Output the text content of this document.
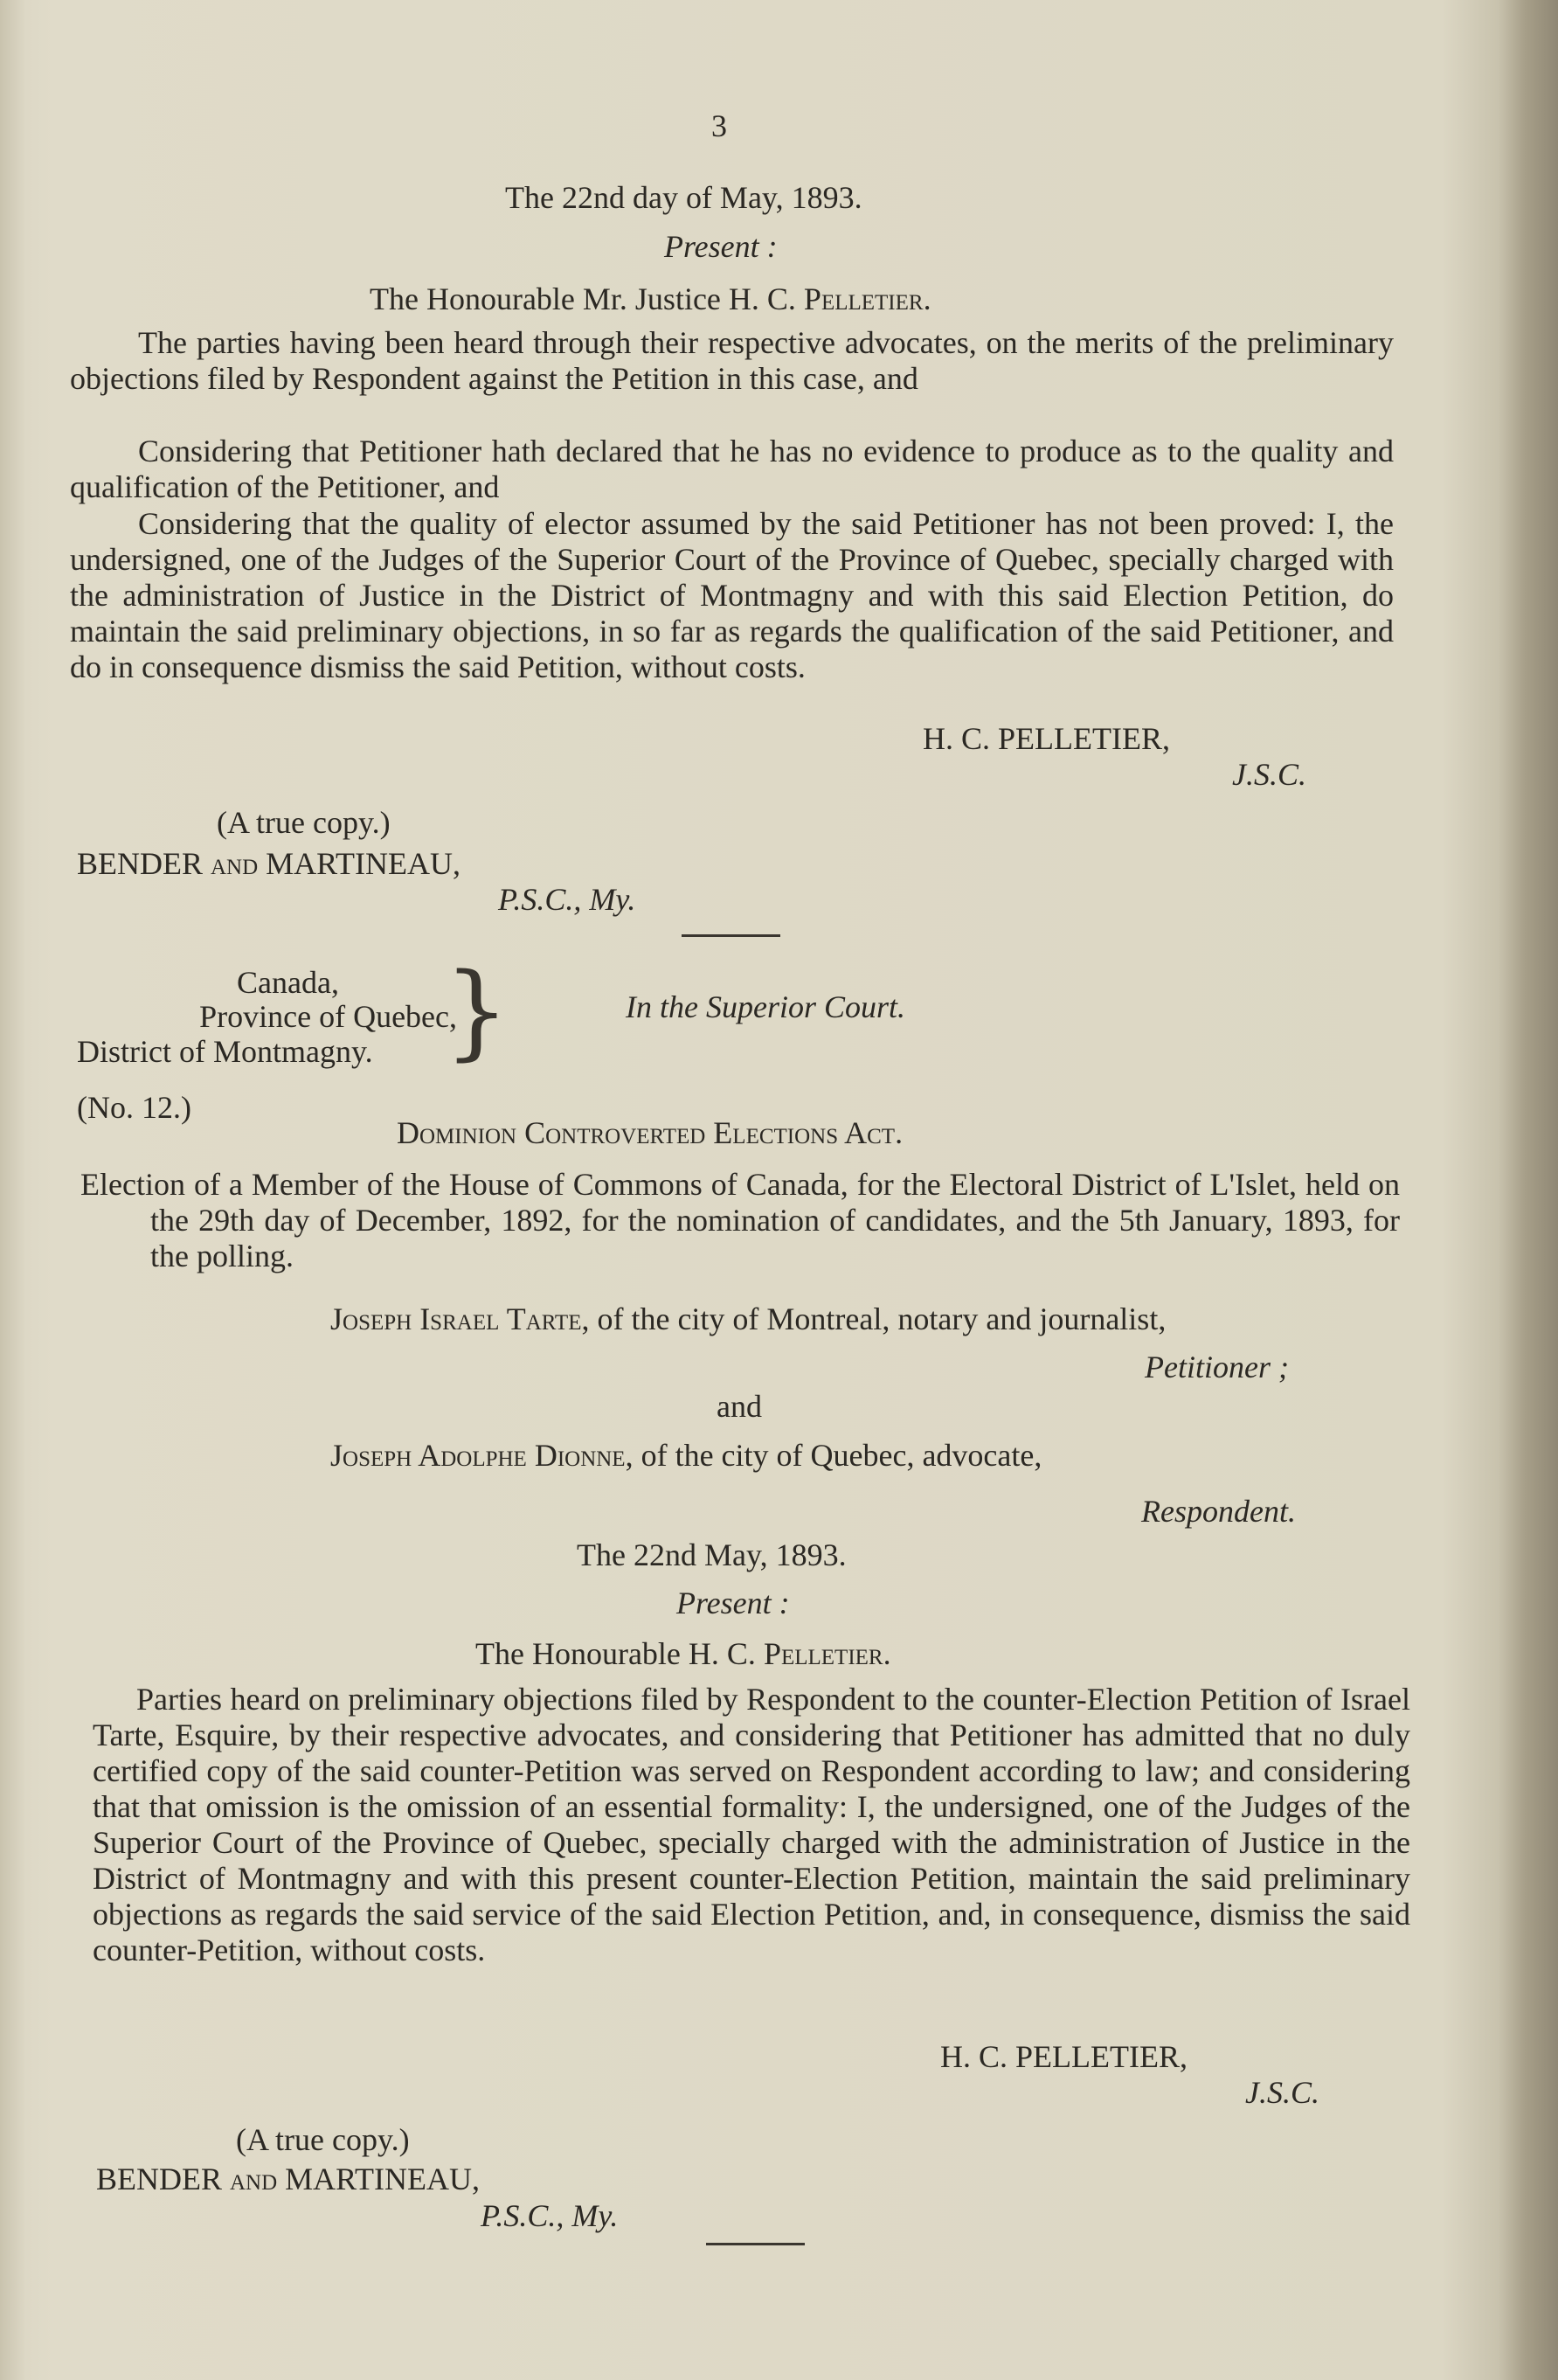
3
The 22nd day of May, 1893.
Present :
The Honourable Mr. Justice H. C. Pelletier.
The parties having been heard through their respective advocates, on the merits of the preliminary objections filed by Respondent against the Petition in this case, and
Considering that Petitioner hath declared that he has no evidence to produce as to the quality and qualification of the Petitioner, and
Considering that the quality of elector assumed by the said Petitioner has not been proved: I, the undersigned, one of the Judges of the Superior Court of the Province of Quebec, specially charged with the administration of Justice in the District of Montmagny and with this said Election Petition, do maintain the said preliminary objections, in so far as regards the qualification of the said Petitioner, and do in consequence dismiss the said Petition, without costs.
H. C. PELLETIER,
J.S.C.
(A true copy.)
BENDER and MARTINEAU,
P.S.C., My.
Canada,
Province of Quebec,
District of Montmagny. }	In the Superior Court.
(No. 12.)
Dominion Controverted Elections Act.
Election of a Member of the House of Commons of Canada, for the Electoral District of L'Islet, held on the 29th day of December, 1892, for the nomination of candidates, and the 5th January, 1893, for the polling.
Joseph Israel Tarte, of the city of Montreal, notary and journalist,
Petitioner ;
and
Joseph Adolphe Dionne, of the city of Quebec, advocate,
Respondent.
The 22nd May, 1893.
Present :
The Honourable H. C. Pelletier.
Parties heard on preliminary objections filed by Respondent to the counter-Election Petition of Israel Tarte, Esquire, by their respective advocates, and considering that Petitioner has admitted that no duly certified copy of the said counter-Petition was served on Respondent according to law; and considering that that omission is the omission of an essential formality: I, the undersigned, one of the Judges of the Superior Court of the Province of Quebec, specially charged with the administration of Justice in the District of Montmagny and with this present counter-Election Petition, maintain the said preliminary objections as regards the said service of the said Election Petition, and, in consequence, dismiss the said counter-Petition, without costs.
H. C. PELLETIER,
J.S.C.
(A true copy.)
BENDER and MARTINEAU,
P.S.C., My.
